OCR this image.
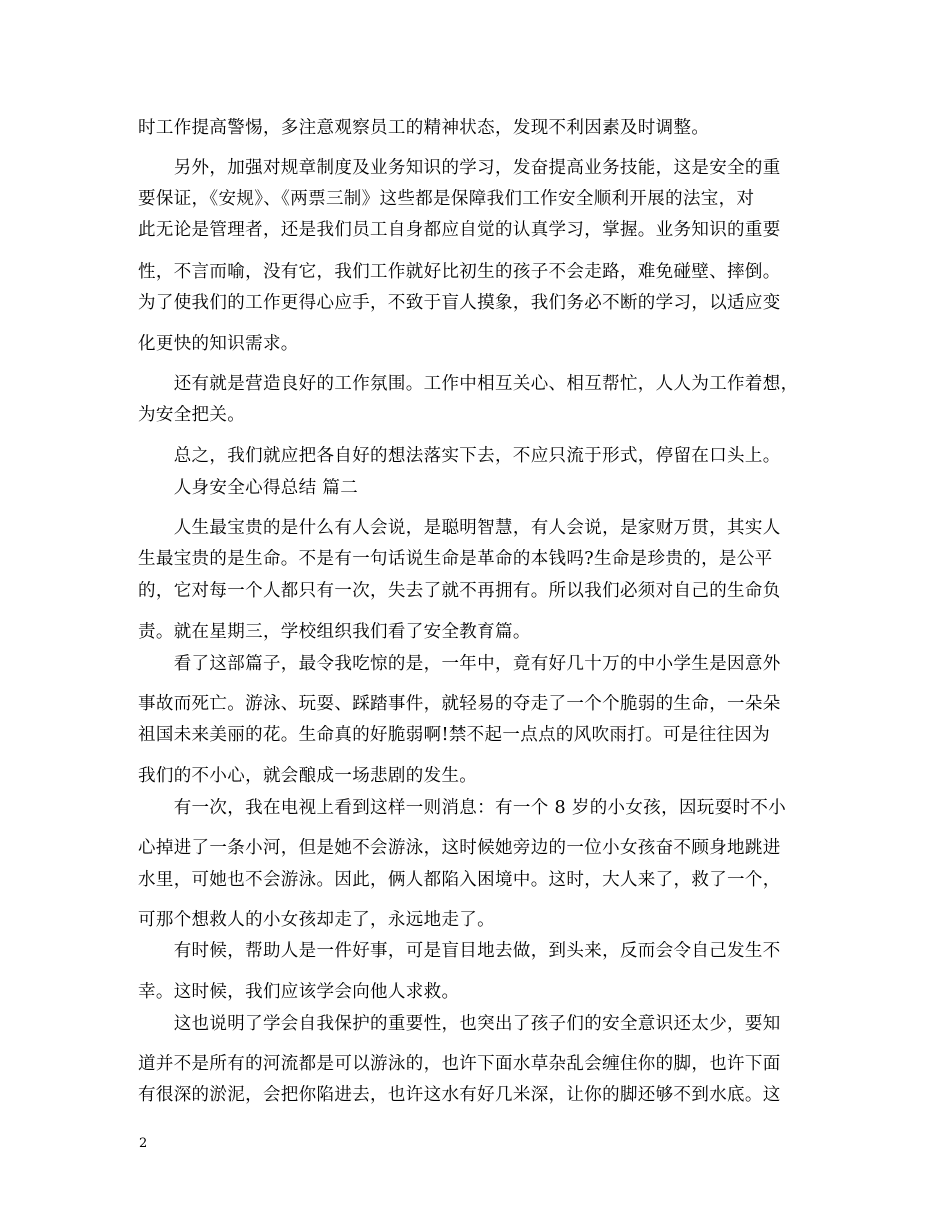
时工作提高警惕，多注意观察员工的精神状态，发现不利因素及时调整。
　　另外，加强对规章制度及业务知识的学习，发奋提高业务技能，这是安全的重
要保证，《安规》、《两票三制》这些都是保障我们工作安全顺利开展的法宝，对
此无论是管理者，还是我们员工自身都应自觉的认真学习，掌握。业务知识的重要
性，不言而喻，没有它，我们工作就好比初生的孩子不会走路，难免碰壁、摔倒。
为了使我们的工作更得心应手，不致于盲人摸象，我们务必不断的学习，以适应变
化更快的知识需求。
　　还有就是营造良好的工作氛围。工作中相互关心、相互帮忙，人人为工作着想，
为安全把关。
　　总之，我们就应把各自好的想法落实下去，不应只流于形式，停留在口头上。
　　人身安全心得总结 篇二
　　人生最宝贵的是什么有人会说，是聪明智慧，有人会说，是家财万贯，其实人
生最宝贵的是生命。不是有一句话说生命是革命的本钱吗?生命是珍贵的，是公平
的，它对每一个人都只有一次，失去了就不再拥有。所以我们必须对自己的生命负
责。就在星期三，学校组织我们看了安全教育篇。
　　看了这部篇子，最令我吃惊的是，一年中，竟有好几十万的中小学生是因意外
事故而死亡。游泳、玩耍、踩踏事件，就轻易的夺走了一个个脆弱的生命，一朵朵
祖国未来美丽的花。生命真的好脆弱啊!禁不起一点点的风吹雨打。可是往往因为
我们的不小心，就会酿成一场悲剧的发生。
　　有一次，我在电视上看到这样一则消息：有一个 8 岁的小女孩，因玩耍时不小
心掉进了一条小河，但是她不会游泳，这时候她旁边的一位小女孩奋不顾身地跳进
水里，可她也不会游泳。因此，俩人都陷入困境中。这时，大人来了，救了一个，
可那个想救人的小女孩却走了，永远地走了。
　　有时候，帮助人是一件好事，可是盲目地去做，到头来，反而会令自己发生不
幸。这时候，我们应该学会向他人求救。
　　这也说明了学会自我保护的重要性，也突出了孩子们的安全意识还太少，要知
道并不是所有的河流都是可以游泳的，也许下面水草杂乱会缠住你的脚，也许下面
有很深的淤泥，会把你陷进去，也许这水有好几米深，让你的脚还够不到水底。这
2
